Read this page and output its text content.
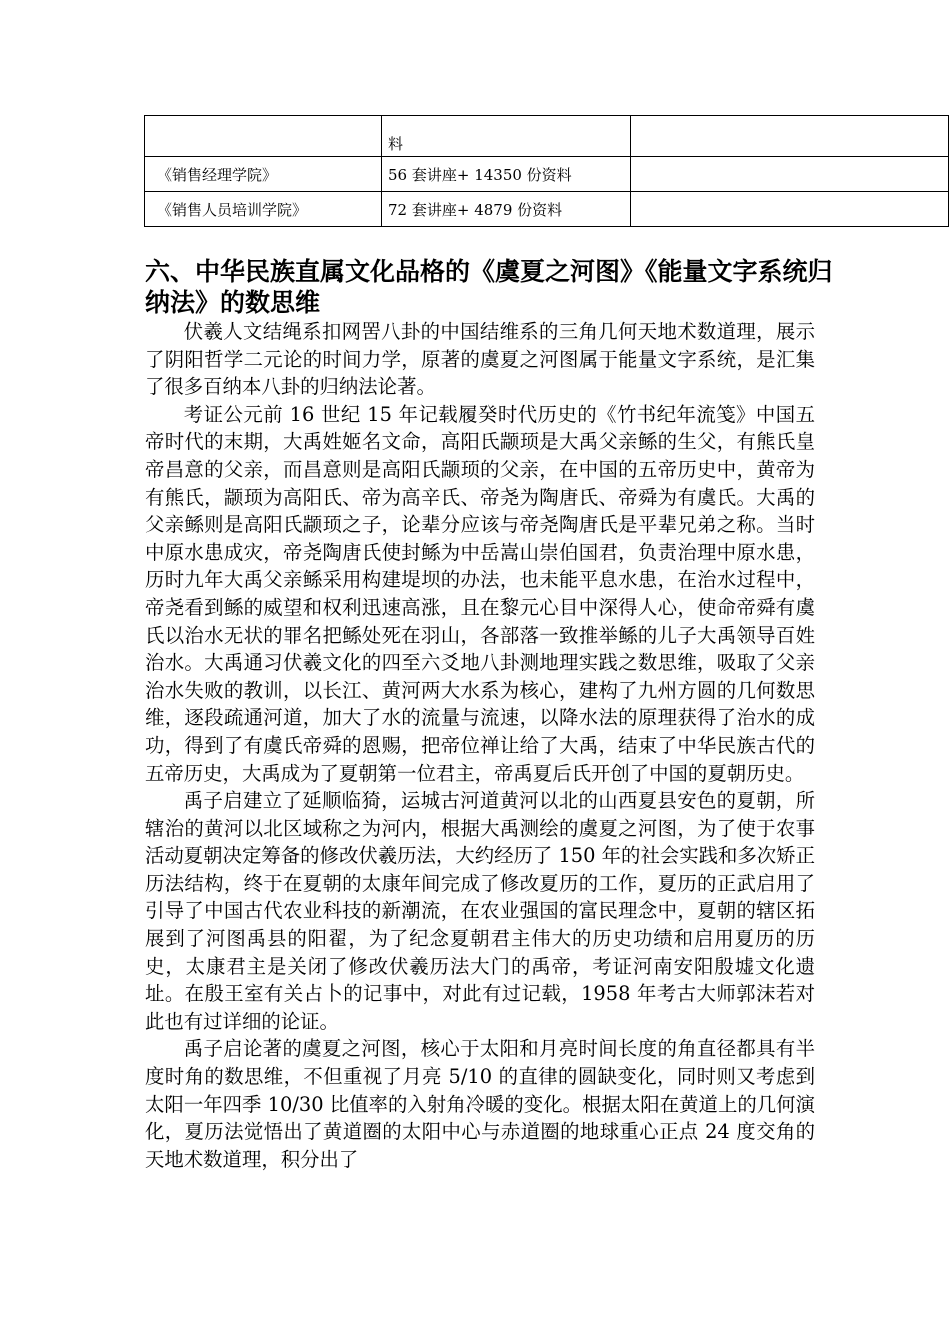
	料	
《销售经理学院》	56 套讲座+ 14350 份资料	
《销售人员培训学院》	72 套讲座+ 4879 份资料	
六、中华民族直属文化品格的《虞夏之河图》《能量文字系统归纳法》的数思维

伏羲人文结绳系扣网罟八卦的中国结维系的三角几何天地术数道理，展示了阴阳哲学二元论的时间力学，原著的虞夏之河图属于能量文字系统，是汇集了很多百纳本八卦的归纳法论著。

考证公元前 16 世纪 15 年记载履癸时代历史的《竹书纪年流笺》中国五帝时代的末期，大禹姓姬名文命，高阳氏颛顼是大禹父亲鲧的生父，有熊氏皇帝昌意的父亲，而昌意则是高阳氏颛顼的父亲，在中国的五帝历史中，黄帝为有熊氏，颛顼为高阳氏、帝为高辛氏、帝尧为陶唐氏、帝舜为有虞氏。大禹的父亲鲧则是高阳氏颛顼之子，论辈分应该与帝尧陶唐氏是平辈兄弟之称。当时中原水患成灾，帝尧陶唐氏使封鲧为中岳嵩山崇伯国君，负责治理中原水患，历时九年大禹父亲鲧采用构建堤坝的办法，也未能平息水患，在治水过程中，帝尧看到鲧的威望和权利迅速高涨，且在黎元心目中深得人心，使命帝舜有虞氏以治水无状的罪名把鲧处死在羽山，各部落一致推举鲧的儿子大禹领导百姓治水。大禹通习伏羲文化的四至六爻地八卦测地理实践之数思维，吸取了父亲治水失败的教训，以长江、黄河两大水系为核心，建构了九州方圆的几何数思维，逐段疏通河道，加大了水的流量与流速，以降水法的原理获得了治水的成功，得到了有虞氏帝舜的恩赐，把帝位禅让给了大禹，结束了中华民族古代的五帝历史，大禹成为了夏朝第一位君主，帝禹夏后氏开创了中国的夏朝历史。

禹子启建立了延顺临猗，运城古河道黄河以北的山西夏县安色的夏朝，所辖治的黄河以北区域称之为河内，根据大禹测绘的虞夏之河图，为了使于农事活动夏朝决定筹备的修改伏羲历法，大约经历了 150 年的社会实践和多次矫正历法结构，终于在夏朝的太康年间完成了修改夏历的工作，夏历的正武启用了引导了中国古代农业科技的新潮流，在农业强国的富民理念中，夏朝的辖区拓展到了河图禹县的阳翟，为了纪念夏朝君主伟大的历史功绩和启用夏历的历史，太康君主是关闭了修改伏羲历法大门的禹帝，考证河南安阳殷墟文化遗址。在殷王室有关占卜的记事中，对此有过记载，1958 年考古大师郭沫若对此也有过详细的论证。

禹子启论著的虞夏之河图，核心于太阳和月亮时间长度的角直径都具有半度时角的数思维，不但重视了月亮 5/10 的直律的圆缺变化，同时则又考虑到太阳一年四季 10/30 比值率的入射角冷暖的变化。根据太阳在黄道上的几何演化，夏历法觉悟出了黄道圈的太阳中心与赤道圈的地球重心正点 24 度交角的天地术数道理，积分出了
